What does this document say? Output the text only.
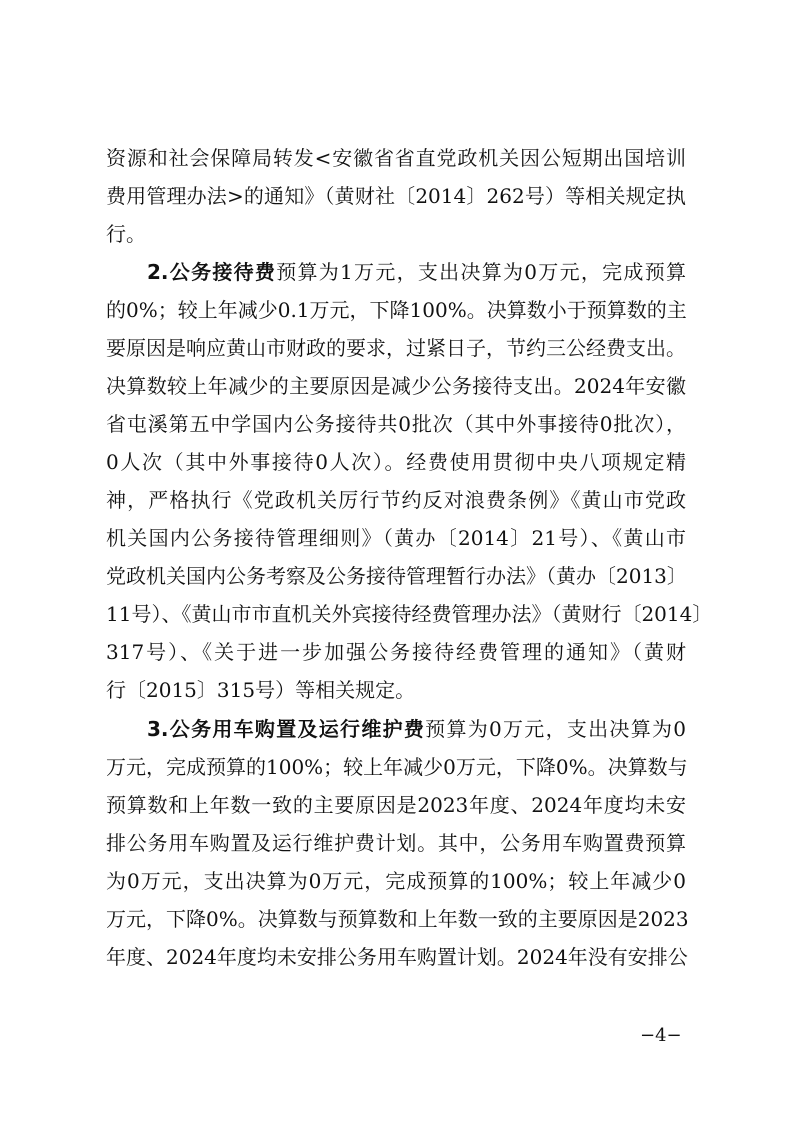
资源和社会保障局转发<安徽省省直党政机关因公短期出国培训
费用管理办法>的通知》（黄财社〔2014〕262号）等相关规定执
行。
2.公务接待费预算为1万元，支出决算为0万元，完成预算
的0%；较上年减少0.1万元，下降100%。决算数小于预算数的主
要原因是响应黄山市财政的要求，过紧日子，节约三公经费支出。
决算数较上年减少的主要原因是减少公务接待支出。2024年安徽
省屯溪第五中学国内公务接待共0批次（其中外事接待0批次），
0人次（其中外事接待0人次）。经费使用贯彻中央八项规定精
神，严格执行《党政机关厉行节约反对浪费条例》《黄山市党政
机关国内公务接待管理细则》（黄办〔2014〕21号）、《黄山市
党政机关国内公务考察及公务接待管理暂行办法》（黄办〔2013〕
11号）、《黄山市市直机关外宾接待经费管理办法》（黄财行〔2014〕
317号）、《关于进一步加强公务接待经费管理的通知》（黄财
行〔2015〕315号）等相关规定。
3.公务用车购置及运行维护费预算为0万元，支出决算为0
万元，完成预算的100%；较上年减少0万元，下降0%。决算数与
预算数和上年数一致的主要原因是2023年度、2024年度均未安
排公务用车购置及运行维护费计划。其中，公务用车购置费预算
为0万元，支出决算为0万元，完成预算的100%；较上年减少0
万元，下降0%。决算数与预算数和上年数一致的主要原因是2023
年度、2024年度均未安排公务用车购置计划。2024年没有安排公
−4−
